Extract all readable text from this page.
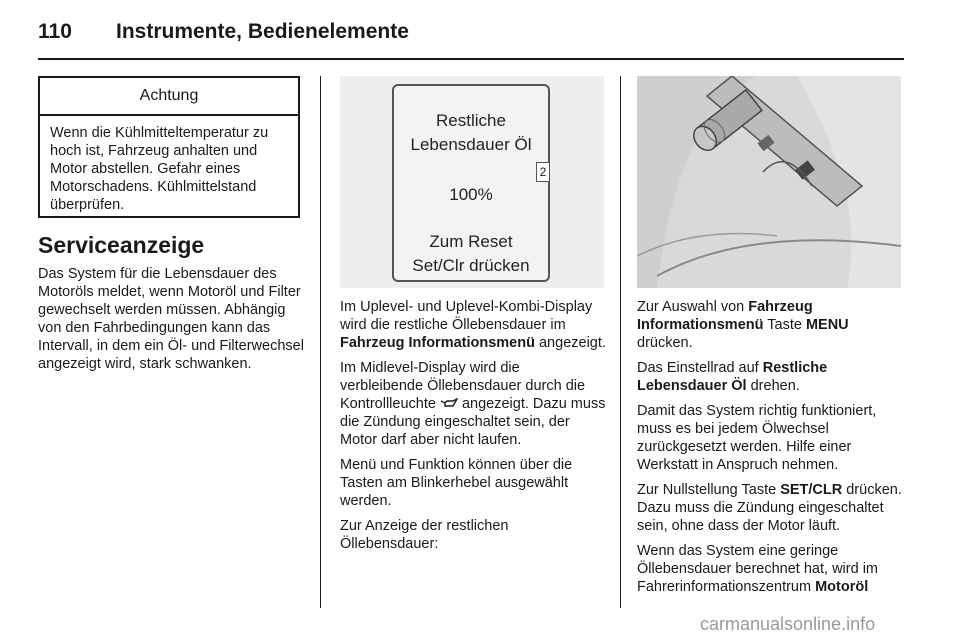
110 Instrumente, Bedienelemente
Achtung
Wenn die Kühlmitteltemperatur zu hoch ist, Fahrzeug anhalten und Motor abstellen. Gefahr eines Motorschadens. Kühlmittelstand überprüfen.
Serviceanzeige

Das System für die Lebensdauer des Motoröls meldet, wenn Motoröl und Filter gewechselt werden müssen. Abhängig von den Fahrbedingungen kann das Intervall, in dem ein Öl- und Filterwechsel angezeigt wird, stark schwanken.

Restliche
Lebensdauer Öl
2
100%
Zum Reset
Set/Clr drücken

Im Uplevel- und Uplevel-Kombi-Display wird die restliche Öllebensdauer im Fahrzeug Informationsmenü angezeigt.

Im Midlevel-Display wird die verbleibende Öllebensdauer durch die Kontrollleuchte  angezeigt. Dazu muss die Zündung eingeschaltet sein, der Motor darf aber nicht laufen.

Menü und Funktion können über die Tasten am Blinkerhebel ausgewählt werden.

Zur Anzeige der restlichen Öllebensdauer:

Zur Auswahl von Fahrzeug Informationsmenü Taste MENU drücken.

Das Einstellrad auf Restliche Lebensdauer Öl drehen.

Damit das System richtig funktioniert, muss es bei jedem Ölwechsel zurückgesetzt werden. Hilfe einer Werkstatt in Anspruch nehmen.

Zur Nullstellung Taste SET/CLR drücken. Dazu muss die Zündung eingeschaltet sein, ohne dass der Motor läuft.

Wenn das System eine geringe Öllebensdauer berechnet hat, wird im Fahrerinformationszentrum Motoröl

carmanualsonline.info
